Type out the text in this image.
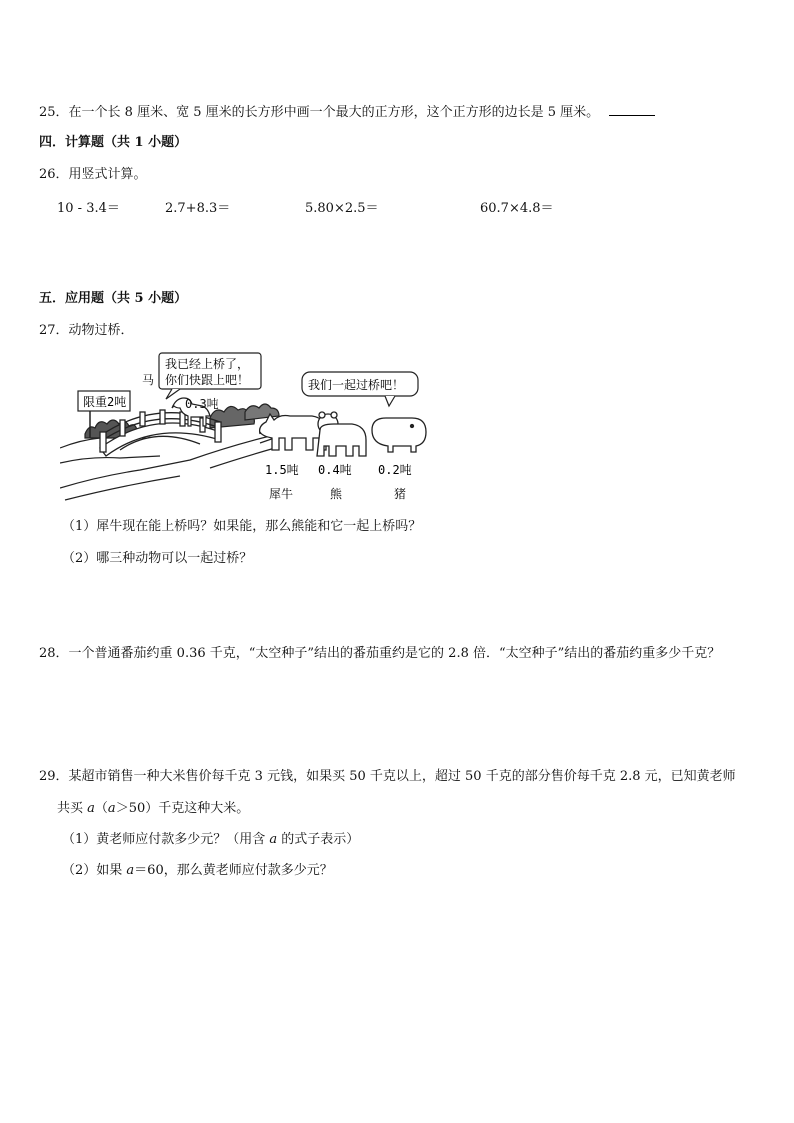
25．在一个长 8 厘米、宽 5 厘米的长方形中画一个最大的正方形，这个正方形的边长是 5 厘米。
四．计算题（共 1 小题）
26．用竖式计算。
10 - 3.4＝	2.7+8.3＝	5.80×2.5＝	60.7×4.8＝
五．应用题（共 5 小题）
27．动物过桥．
限重2吨
马
0.3吨
我已经上桥了，
你们快跟上吧！	我们一起过桥吧！
1.5吨
犀牛
0.4吨
熊
0.2吨
猪
（1）犀牛现在能上桥吗？如果能，那么熊能和它一起上桥吗？
（2）哪三种动物可以一起过桥？
28．一个普通番茄约重 0.36 千克，“太空种子”结出的番茄重约是它的 2.8 倍．“太空种子”结出的番茄约重多少千克？
29．某超市销售一种大米售价每千克 3 元钱，如果买 50 千克以上，超过 50 千克的部分售价每千克 2.8 元，已知黄老师
共买 a（a＞50）千克这种大米。
（1）黄老师应付款多少元？（用含 a 的式子表示）
（2）如果 a＝60，那么黄老师应付款多少元？
